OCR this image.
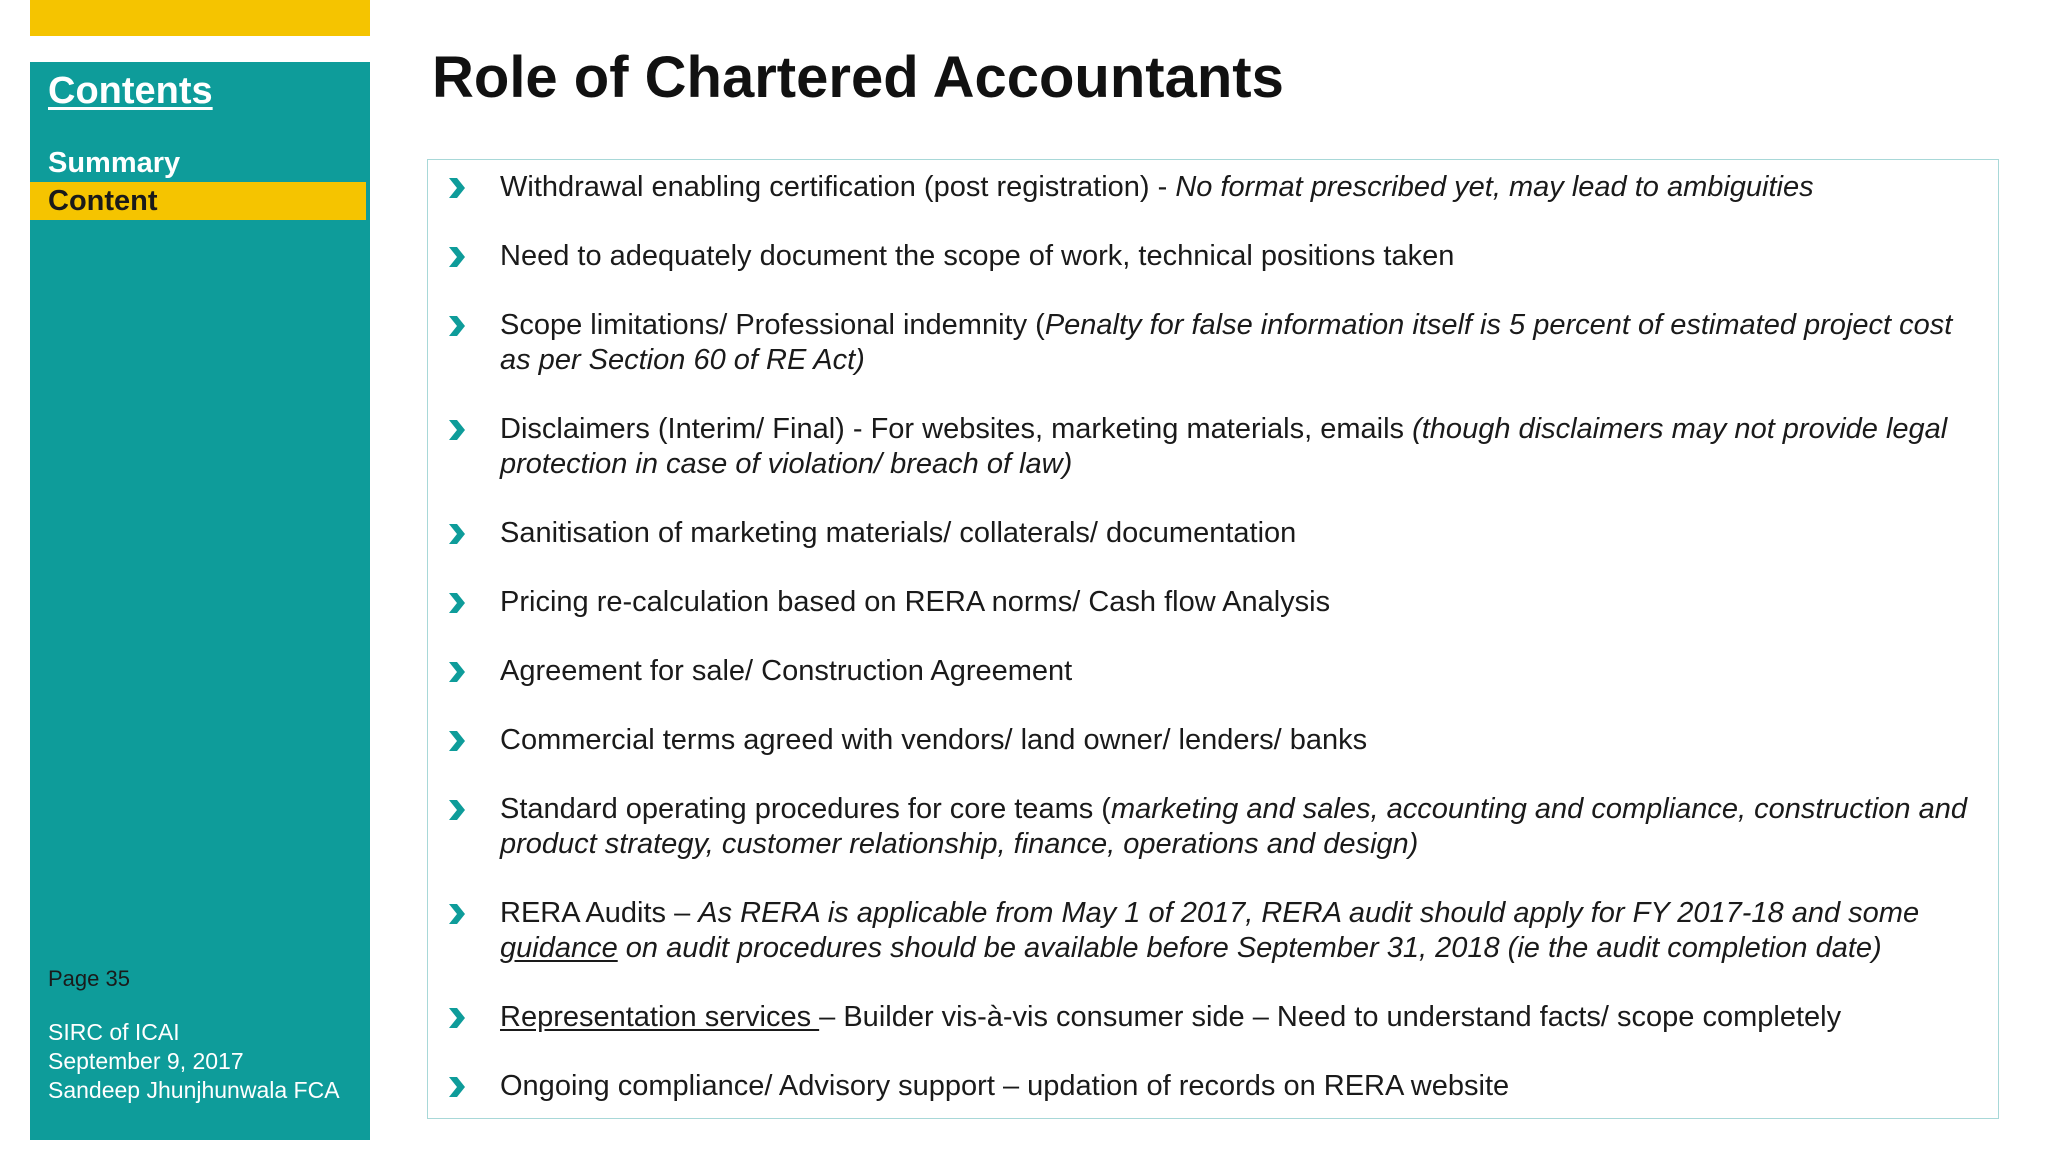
Contents
Summary
Content
Page 35
SIRC of ICAI
September 9, 2017
Sandeep Jhunjhunwala FCA
Role of Chartered Accountants
Withdrawal enabling certification (post registration) - No format prescribed yet, may lead to ambiguities
Need to adequately document the scope of work, technical positions taken
Scope limitations/ Professional indemnity (Penalty for false information itself is 5 percent of estimated project cost as per Section 60 of RE Act)
Disclaimers (Interim/ Final) - For websites, marketing materials, emails (though disclaimers may not provide legal protection in case of violation/ breach of law)
Sanitisation of marketing materials/ collaterals/ documentation
Pricing re-calculation based on RERA norms/ Cash flow Analysis
Agreement for sale/ Construction Agreement
Commercial terms agreed with vendors/ land owner/ lenders/ banks
Standard operating procedures for core teams (marketing and sales, accounting and compliance, construction and product strategy, customer relationship, finance, operations and design)
RERA Audits – As RERA is applicable from May 1 of 2017, RERA audit should apply for FY 2017-18 and some guidance on audit procedures should be available before September 31, 2018 (ie the audit completion date)
Representation services – Builder vis-à-vis consumer side – Need to understand facts/ scope completely
Ongoing compliance/ Advisory support – updation of records on RERA website
